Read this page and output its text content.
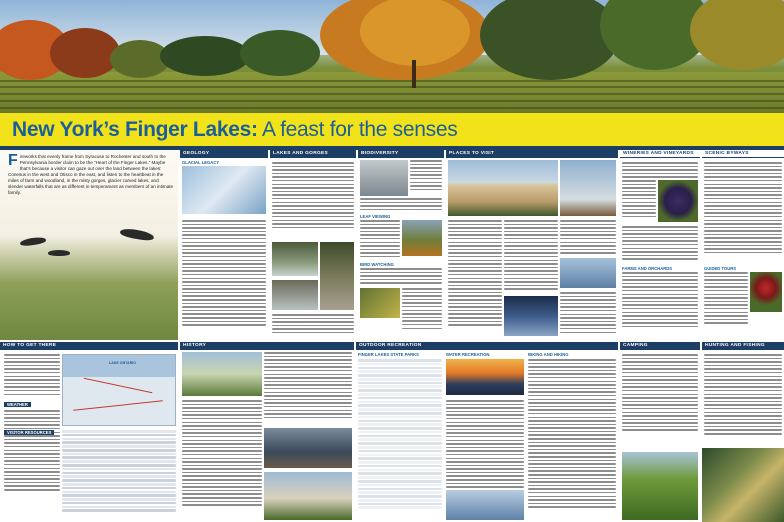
New York’s Finger Lakes: A feast for the senses
Fireworks that evenly frame from Syracuse to Rochester and south to the Pennsylvania border claim to be the “Heart of the Finger Lakes.” Maybe that’s because a visitor can gaze out over the land between the lakes: Conesus in the west and Otisco in the east, and listen to the heartbeat in the miles of farm and woodland, in the misty gorges, glacier carved lakes, and slender waterfalls that are as different in temperament as members of an intimate family.
GEOLOGY
GLACIAL LEGACY
LAKES AND GORGES	BIODIVERSITY
LEAF VIEWING
BIRD WATCHING
PLACES TO VISIT	WINERIES AND VINEYARDS
FARMS AND ORCHARDS
SCENIC BYWAYS
GUIDED TOURS
HOW TO GET THERE
LAKE ONTARIO
WEATHER
VISITOR RESOURCES
HISTORY	OUTDOOR RECREATION
FINGER LAKES STATE PARKS	WATER RECREATION	BIKING AND HIKING
CAMPING	HUNTING AND FISHING
